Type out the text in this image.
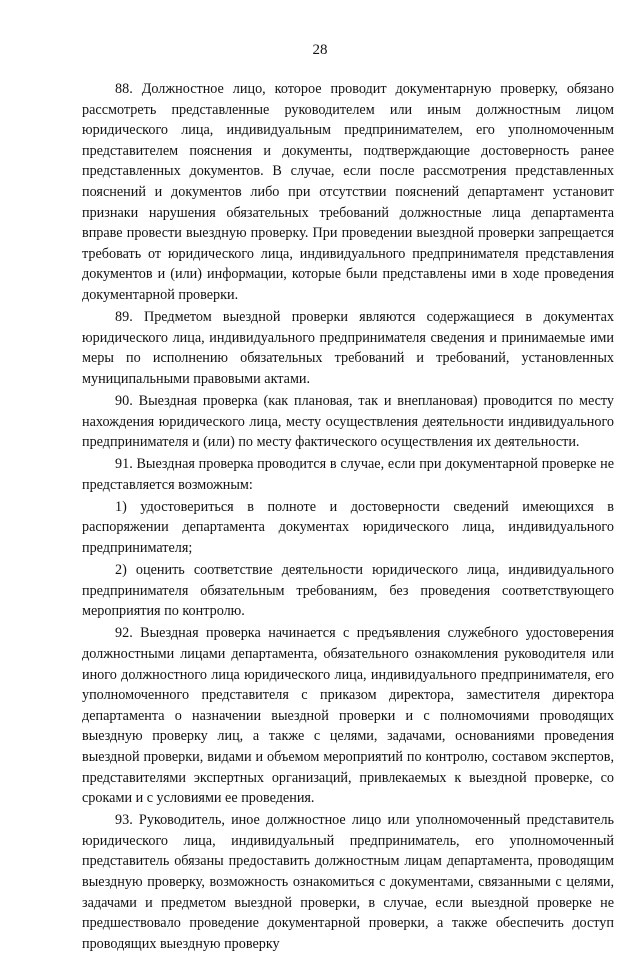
28

88. Должностное лицо, которое проводит документарную проверку, обязано рассмотреть представленные руководителем или иным должностным лицом юридического лица, индивидуальным предпринимателем, его уполномоченным представителем пояснения и документы, подтверждающие достоверность ранее представленных документов. В случае, если после рассмотрения представленных пояснений и документов либо при отсутствии пояснений департамент установит признаки нарушения обязательных требований должностные лица департамента вправе провести выездную проверку. При проведении выездной проверки запрещается требовать от юридического лица, индивидуального предпринимателя представления документов и (или) информации, которые были представлены ими в ходе проведения документарной проверки.

89. Предметом выездной проверки являются содержащиеся в документах юридического лица, индивидуального предпринимателя сведения и принимаемые ими меры по исполнению обязательных требований и требований, установленных муниципальными правовыми актами.

90. Выездная проверка (как плановая, так и внеплановая) проводится по месту нахождения юридического лица, месту осуществления деятельности индивидуального предпринимателя и (или) по месту фактического осуществления их деятельности.

91. Выездная проверка проводится в случае, если при документарной проверке не представляется возможным:

1) удостовериться в полноте и достоверности сведений имеющихся в распоряжении департамента документах юридического лица, индивидуального предпринимателя;

2) оценить соответствие деятельности юридического лица, индивидуального предпринимателя обязательным требованиям, без проведения соответствующего мероприятия по контролю.

92. Выездная проверка начинается с предъявления служебного удостоверения должностными лицами департамента, обязательного ознакомления руководителя или иного должностного лица юридического лица, индивидуального предпринимателя, его уполномоченного представителя с приказом директора, заместителя директора департамента о назначении выездной проверки и с полномочиями проводящих выездную проверку лиц, а также с целями, задачами, основаниями проведения выездной проверки, видами и объемом мероприятий по контролю, составом экспертов, представителями экспертных организаций, привлекаемых к выездной проверке, со сроками и с условиями ее проведения.

93. Руководитель, иное должностное лицо или уполномоченный представитель юридического лица, индивидуальный предприниматель, его уполномоченный представитель обязаны предоставить должностным лицам департамента, проводящим выездную проверку, возможность ознакомиться с документами, связанными с целями, задачами и предметом выездной проверки, в случае, если выездной проверке не предшествовало проведение документарной проверки, а также обеспечить доступ проводящих выездную проверку
